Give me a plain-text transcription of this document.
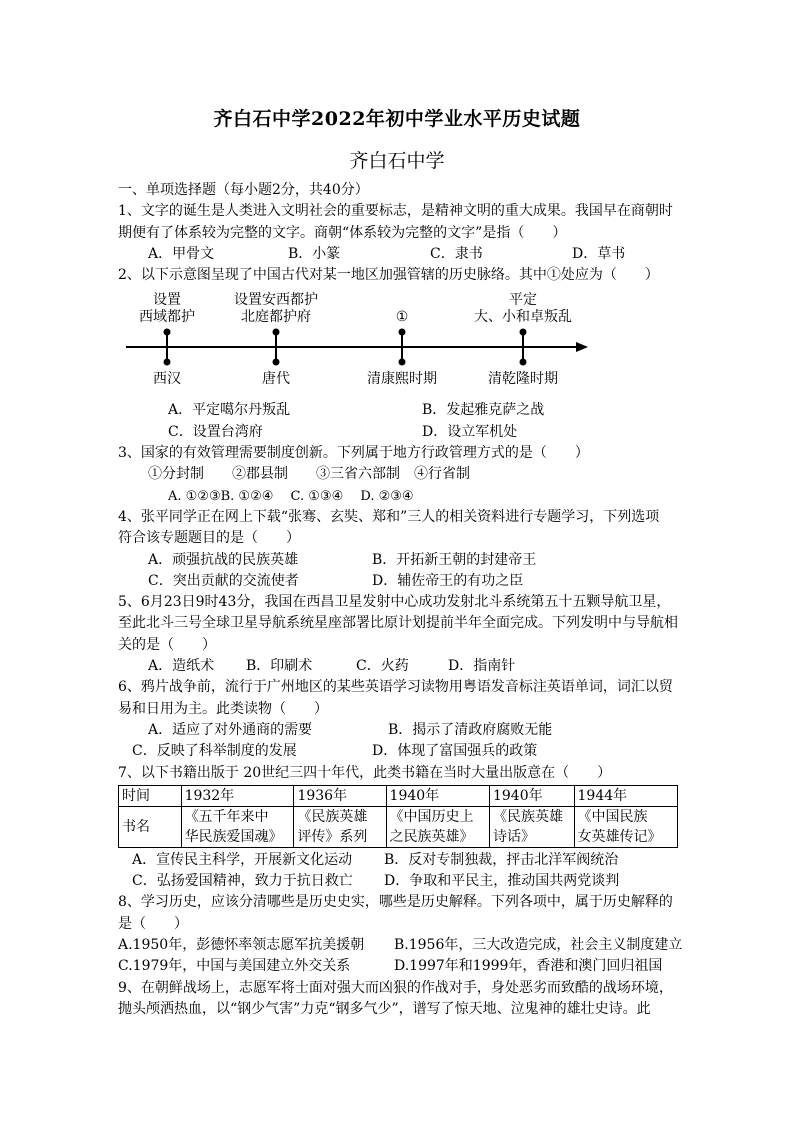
齐白石中学2022年初中学业水平历史试题
齐白石中学

一、单项选择题（每小题2分，共40分）

1、文字的诞生是人类进入文明社会的重要标志，是精神文明的重大成果。我国早在商朝时

期便有了体系较为完整的文字。商朝“体系较为完整的文字”是指（　　）

A．甲骨文	B．小篆	C．隶书	D．草书

2、以下示意图呈现了中国古代对某一地区加强管辖的历史脉络。其中①处应为（　　）

设置
西域都护
西汉
设置安西都护
北庭都护府
唐代
①
清康熙时期
平定
大、小和卓叛乱
清乾隆时期
A．平定噶尔丹叛乱	B．发起雅克萨之战
C．设置台湾府	D．设立军机处

3、国家的有效管理需要制度创新。下列属于地方行政管理方式的是（　　）

①分封制　　②郡县制　　③三省六部制　④行省制

A. ①②③B. ①②④　 C. ①③④　 D. ②③④

4、张平同学正在网上下载“张骞、玄奘、郑和”三人的相关资料进行专题学习，下列选项

符合该专题题目的是（　　）

A．顽强抗战的民族英雄	B．开拓新王朝的封建帝王
C．突出贡献的交流使者	D．辅佐帝王的有功之臣

5、6月23日9时43分，我国在西昌卫星发射中心成功发射北斗系统第五十五颗导航卫星，

至此北斗三号全球卫星导航系统星座部署比原计划提前半年全面完成。下列发明中与导航相

关的是（　　）

A．造纸术 B．印刷术	C．火药	D．指南针

6、鸦片战争前，流行于广州地区的某些英语学习读物用粤语发音标注英语单词，词汇以贸

易和日用为主。此类读物（　　）

A．适应了对外通商的需要	B．揭示了清政府腐败无能
C．反映了科举制度的发展	D．体现了富国强兵的政策

7、以下书籍出版于 20世纪三四十年代，此类书籍在当时大量出版意在（　　）

时间	1932年	1936年	1940年	1940年	1944年
书名	《五千年来中
华民族爱国魂》	《民族英雄
评传》系列	《中国历史上
之民族英雄》	《民族英雄
诗话》	《中国民族
女英雄传记》
A．宣传民主科学，开展新文化运动 B．反对专制独裁，抨击北洋军阀统治
C．弘扬爱国精神，致力于抗日救亡 D．争取和平民主，推动国共两党谈判

8、学习历史，应该分清哪些是历史史实，哪些是历史解释。下列各项中，属于历史解释的

是（　　）

A.1950年，彭德怀率领志愿军抗美援朝 B.1956年，三大改造完成，社会主义制度建立
C.1979年，中国与美国建立外交关系	D.1997年和1999年，香港和澳门回归祖国

9、在朝鲜战场上，志愿军将士面对强大而凶狠的作战对手，身处恶劣而致酷的战场环境，

抛头颅洒热血，以“钢少气害”力克“钢多气少”，谱写了惊天地、泣鬼神的雄壮史诗。此
